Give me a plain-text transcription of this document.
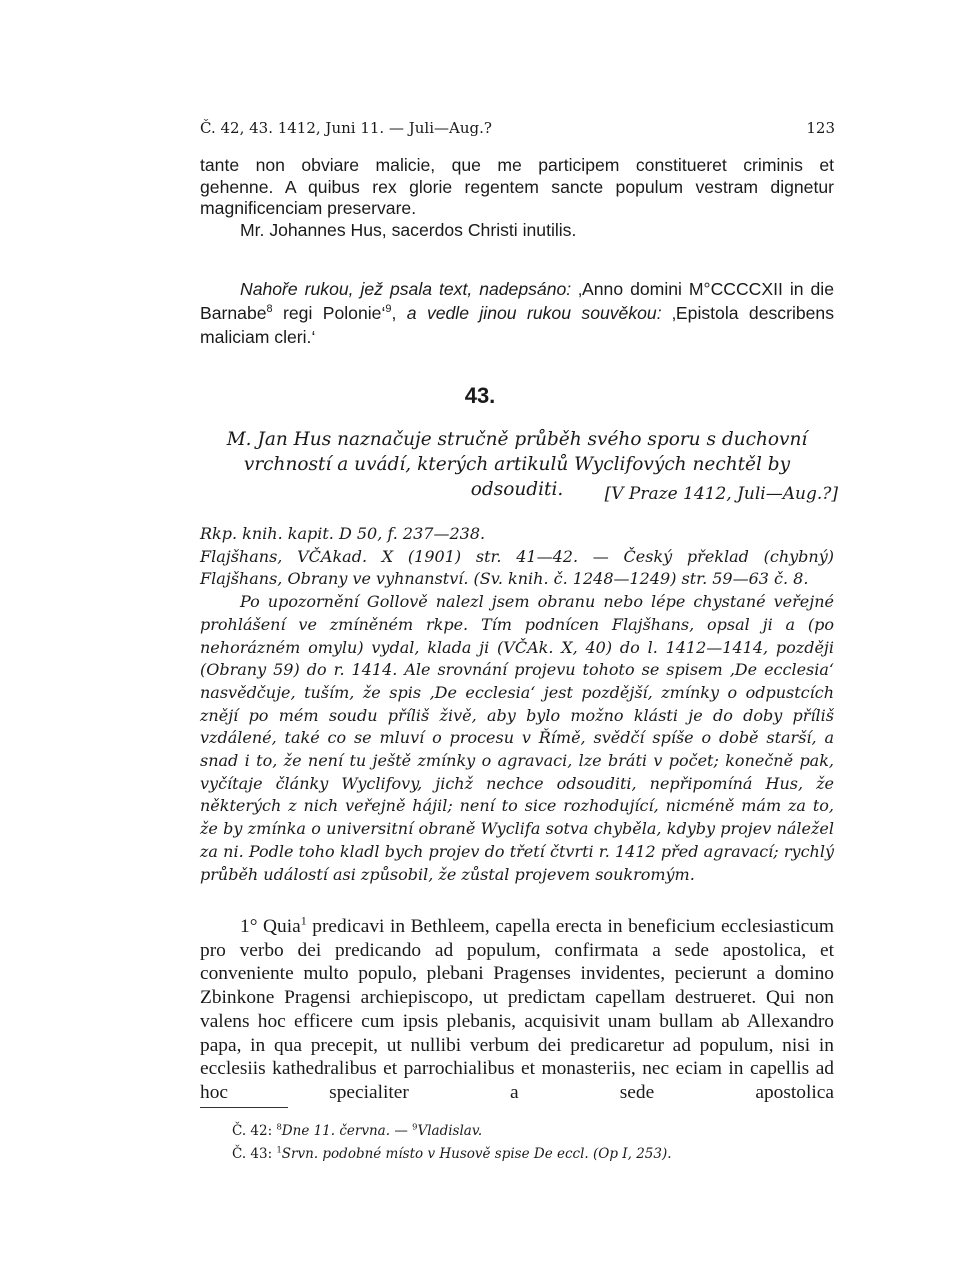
Č. 42, 43. 1412, Juni 11. — Juli—Aug.?	123

tante non obviare malicie, que me participem constitueret criminis et

gehenne. A quibus rex glorie regentem sancte populum vestram dignetur

magnificenciam preservare.

Mr. Johannes Hus, sacerdos Christi inutilis.

Nahoře rukou, jež psala text, nadepsáno: ‚Anno domini M°CCCCXII in die Barnabe$^8$ regi Polonie‘$^9$, a vedle jinou rukou souvěkou: ‚Epistola describens maliciam cleri.‘

43.
M. Jan Hus naznačuje stručně průběh svého sporu s duchovní vrchností a uvádí, kterých artikulů Wyclifových nechtěl by odsouditi.	[V Praze 1412, Juli—Aug.?]

Rkp. knih. kapit. D 50, f. 237—238.

Flajšhans, VČAkad. X (1901) str. 41—42. — Český překlad (chybný) Flajšhans, Obrany ve vyhnanství. (Sv. knih. č. 1248—1249) str. 59—63 č. 8.

Po upozornění Gollově nalezl jsem obranu nebo lépe chystané veřejné prohlášení ve zmíněném rkpe. Tím podnícen Flajšhans, opsal ji a (po nehorázném omylu) vydal, klada ji (VČAk. X, 40) do l. 1412—1414, později (Obrany 59) do r. 1414. Ale srovnání projevu tohoto se spisem ‚De ecclesia‘ nasvědčuje, tuším, že spis ‚De ecclesia‘ jest pozdější, zmínky o odpustcích znějí po mém soudu příliš živě, aby bylo možno klásti je do doby příliš vzdálené, také co se mluví o procesu v Římě, svědčí spíše o době starší, a snad i to, že není tu ještě zmínky o agravaci, lze bráti v počet; konečně pak, vyčítaje články Wyclifovy, jichž nechce odsouditi, nepřipomíná Hus, že některých z nich veřejně hájil; není to sice rozhodující, nicméně mám za to, že by zmínka o universitní obraně Wyclifa sotva chyběla, kdyby projev náležel za ni. Podle toho kladl bych projev do třetí čtvrti r. 1412 před agravací; rychlý průběh událostí asi způsobil, že zůstal projevem soukromým.

1° Quia$^1$ predicavi in Bethleem, capella erecta in beneficium ecclesiasticum pro verbo dei predicando ad populum, confirmata a sede apostolica, et conveniente multo populo, plebani Pragenses invidentes, pecierunt a domino Zbinkone Pragensi archiepiscopo, ut predictam capellam destrueret. Qui non valens hoc efficere cum ipsis plebanis, acquisivit unam bullam ab Allexandro papa, in qua precepit, ut nullibi verbum dei predicaretur ad populum, nisi in ecclesiis kathedralibus et parrochialibus et monasteriis, nec eciam in capellis ad hoc specialiter a sede apostolica

Č. 42: $^8$Dne 11. června. — $^9$Vladislav.
Č. 43: $^1$Srvn. podobné místo v Husově spise De eccl. (Op I, 253).
